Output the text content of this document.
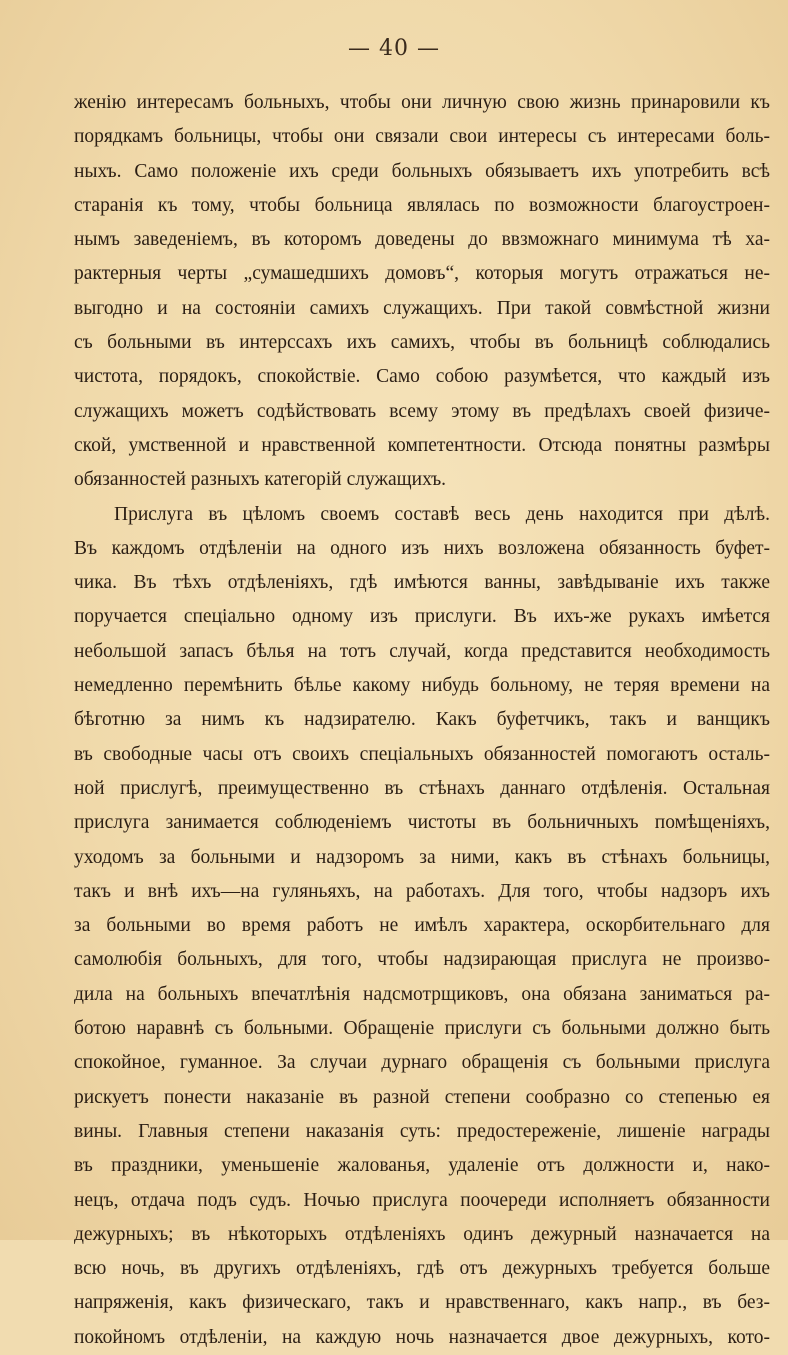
— 40 —
женію интересамъ больныхъ, чтобы они личную свою жизнь принаровили къ
порядкамъ больницы, чтобы они связали свои интересы съ интересами боль-
ныхъ. Само положеніе ихъ среди больныхъ обязываетъ ихъ употребить всѣ
старанія къ тому, чтобы больница являлась по возможности благоустроен-
нымъ заведеніемъ, въ которомъ доведены до ввзможнаго минимума тѣ ха-
рактерныя черты „сумашедшихъ домовъ“, которыя могутъ отражаться не-
выгодно и на состояніи самихъ служащихъ. При такой совмѣстной жизни
съ больными въ интерссахъ ихъ самихъ, чтобы въ больницѣ соблюдались
чистота, порядокъ, спокойствіе. Само собою разумѣется, что каждый изъ
служащихъ можетъ содѣйствовать всему этому въ предѣлахъ своей физиче-
ской, умственной и нравственной компетентности. Отсюда понятны размѣры
обязанностей разныхъ категорій служащихъ.
Прислуга въ цѣломъ своемъ составѣ весь день находится при дѣлѣ.
Въ каждомъ отдѣленіи на одного изъ нихъ возложена обязанность буфет-
чика. Въ тѣхъ отдѣленіяхъ, гдѣ имѣются ванны, завѣдываніе ихъ также
поручается спеціально одному изъ прислуги. Въ ихъ-же рукахъ имѣется
небольшой запасъ бѣлья на тотъ случай, когда представится необходимость
немедленно перемѣнить бѣлье какому нибудь больному, не теряя времени на
бѣготню за нимъ къ надзирателю. Какъ буфетчикъ, такъ и ванщикъ
въ свободные часы отъ своихъ спеціальныхъ обязанностей помогаютъ осталь-
ной прислугѣ, преимущественно въ стѣнахъ даннаго отдѣленія. Остальная
прислуга занимается соблюденіемъ чистоты въ больничныхъ помѣщеніяхъ,
уходомъ за больными и надзоромъ за ними, какъ въ стѣнахъ больницы,
такъ и внѣ ихъ—на гуляньяхъ, на работахъ. Для того, чтобы надзоръ ихъ
за больными во время работъ не имѣлъ характера, оскорбительнаго для
самолюбія больныхъ, для того, чтобы надзирающая прислуга не произво-
дила на больныхъ впечатлѣнія надсмотрщиковъ, она обязана заниматься ра-
ботою наравнѣ съ больными. Обращеніе прислуги съ больными должно быть
спокойное, гуманное. За случаи дурнаго обращенія съ больными прислуга
рискуетъ понести наказаніе въ разной степени сообразно со степенью ея
вины. Главныя степени наказанія суть: предостереженіе, лишеніе награды
въ праздники, уменьшеніе жалованья, удаленіе отъ должности и, нако-
нецъ, отдача подъ судъ. Ночью прислуга поочереди исполняетъ обязанности
дежурныхъ; въ нѣкоторыхъ отдѣленіяхъ одинъ дежурный назначается на
всю ночь, въ другихъ отдѣленіяхъ, гдѣ отъ дежурныхъ требуется больше
напряженія, какъ физическаго, такъ и нравственнаго, какъ напр., въ без-
покойномъ отдѣленіи, на каждую ночь назначается двое дежурныхъ, кото-
